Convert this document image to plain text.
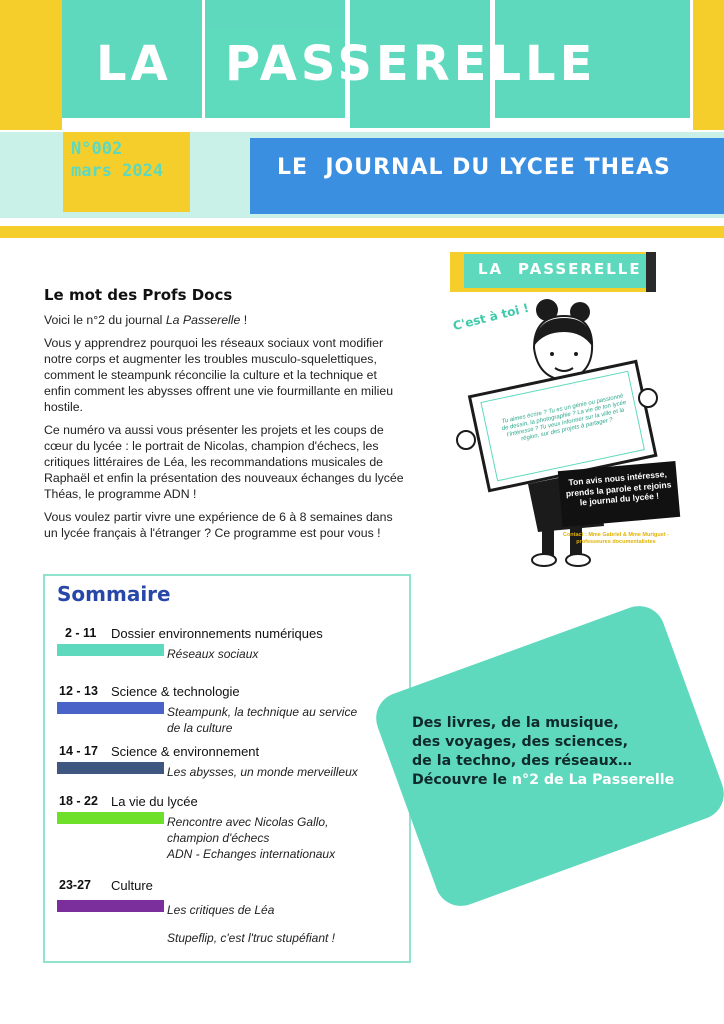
LA PASSERELLE
N°002
mars 2024	LE  JOURNAL DU LYCEE THEAS
LA PASSERELLE
C'est à toi !
Tu aimes écrire ? Tu es un génie ou passionné de dessin, la photographie ? La vie de ton lycée t'intéresse ? Tu veux informer sur la ville et la région, sur des projets à partager ?
Ton avis nous intéresse, prends la parole et rejoins le journal du lycée !
Contact : Mme Gabriel & Mme Muriguet - professeures documentalistes
Le mot des Profs Docs

Voici le n°2 du journal La Passerelle !

Vous y apprendrez pourquoi les réseaux sociaux vont modifier notre corps et augmenter les troubles musculo-squelettiques, comment le steampunk réconcilie la culture et la technique et enfin comment les abysses offrent une vie fourmillante en milieu hostile.

Ce numéro va aussi vous présenter les projets et les coups de cœur du lycée : le portrait de Nicolas, champion d'échecs, les critiques littéraires de Léa, les recommandations musicales de Raphaël et enfin la présentation des nouveaux échanges du lycée Théas, le programme ADN !

Vous voulez partir vivre une expérience de 6 à 8 semaines dans un lycée français à l'étranger ? Ce programme est pour vous !

Sommaire
2 - 11 Dossier environnements numériques
Réseaux sociaux
12 - 13 Science & technologie
Steampunk, la technique au service
de la culture
14 - 17 Science & environnement
Les abysses, un monde merveilleux
18 - 22 La vie du lycée
Rencontre avec Nicolas Gallo,
champion d'échecs
ADN - Echanges internationaux
23-27 Culture
Les critiques de Léa
Stupeflip, c'est l'truc stupéfiant !
Des livres, de la musique,
des voyages, des sciences,
de la techno, des réseaux…
Découvre le n°2 de La Passerelle
